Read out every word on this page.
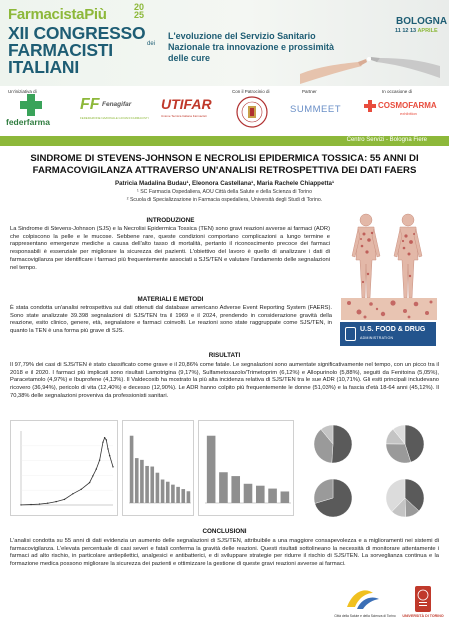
FarmacistaPiù	20
25
XII CONGRESSO
FARMACISTI
ITALIANI
dei
L'evoluzione del Servizio Sanitario Nazionale tra innovazione e prossimità delle cure
BOLOGNA
11 12 13 APRILE
Un'iniziativa di
federfarma
FF Fenagifar
FEDERAZIONE NAZIONALE GIOVANI FARMACISTI
UTIFAR
Unione Tecnica Italiana Farmacisti
Con il Patrocinio di	Partner
SUMMEET
In occasione di
COSMOFARMA
exhibition
Centro Servizi - Bologna Fiere
SINDROME DI STEVENS-JOHNSON E NECROLISI EPIDERMICA TOSSICA: 55 ANNI DI
FARMACOVIGILANZA ATTRAVERSO UN'ANALISI RETROSPETTIVA DEI DATI FAERS
Patricia Madalina Budau¹, Eleonora Castellana¹, Maria Rachele Chiappetta¹
¹ SC Farmacia Ospedaliera, AOU Città della Salute e della Scienza di Torino
² Scuola di Specializzazione in Farmacia ospedaliera, Università degli Studi di Torino.
INTRODUZIONE
La Sindrome di Stevens-Johnson (SJS) e la Necrolisi Epidermica Tossica (TEN) sono gravi reazioni avverse ai farmaci (ADR) che colpiscono la pelle e le mucose. Sebbene rare, queste condizioni comportano complicazioni a lungo termine e rappresentano emergenze mediche a causa dell'alto tasso di mortalità, pertanto il riconoscimento precoce dei farmaci responsabili è essenziale per migliorare la sicurezza dei pazienti. L'obiettivo del lavoro è quello di analizzare i dati di farmacovigilanza per identificare i farmaci più frequentemente associati a SJS/TEN e valutare l'andamento delle segnalazioni nel tempo.
MATERIALI E METODI
È stata condotta un'analisi retrospettiva sui dati ottenuti dal database americano Adverse Event Reporting System (FAERS). Sono state analizzate 39.398 segnalazioni di SJS/TEN tra il 1969 e il 2024, prendendo in considerazione gravità della reazione, esito clinico, genere, età, segnalatore e farmaci coinvolti. Le reazioni sono state raggruppate come SJS/TEN, in quanto la TEN è una forma più grave di SJS.	U.S. FOOD & DRUG
ADMINISTRATION
RISULTATI
Il 97,79% dei casi di SJS/TEN è stato classificato come grave e il 20,86% come fatale. Le segnalazioni sono aumentate significativamente nel tempo, con un picco tra il 2018 e il 2020. I farmaci più implicati sono risultati Lamotrigina (9,17%), Sulfametoxazolo/Trimetoprim (6,12%) e Allopurinolo (5,88%), seguiti da Fenitoina (5,05%), Paracetamolo (4,97%) e Ibuprofene (4,13%). Il Valdecoxib ha mostrato la più alta incidenza relativa di SJS/TEN tra le sue ADR (10,71%). Gli esiti principali includevano ricovero (36,94%), pericolo di vita (12,40%) e decesso (12,90%). Le ADR hanno colpito più frequentemente le donne (51,03%) e la fascia d'età 18-64 anni (45,12%). Il 70,38% delle segnalazioni proveniva da professionisti sanitari.
CONCLUSIONI
L'analisi condotta su 55 anni di dati evidenzia un aumento delle segnalazioni di SJS/TEN, attribuibile a una maggiore consapevolezza e a miglioramenti nei sistemi di farmacovigilanza. L'elevata percentuale di casi severi e fatali conferma la gravità delle reazioni. Questi risultati sottolineano la necessità di monitorare attentamente i farmaci ad alto rischio, in particolare antiepilettici, analgesici e antibatterici, e di sviluppare strategie per ridurre il rischio di SJS/TEN. La sorveglianza continua e la formazione medica possono migliorare la sicurezza dei pazienti e ottimizzare la gestione di queste gravi reazioni avverse ai farmaci.
Città della Salute e della Scienza di Torino	UNIVERSITÀ DI TORINO
